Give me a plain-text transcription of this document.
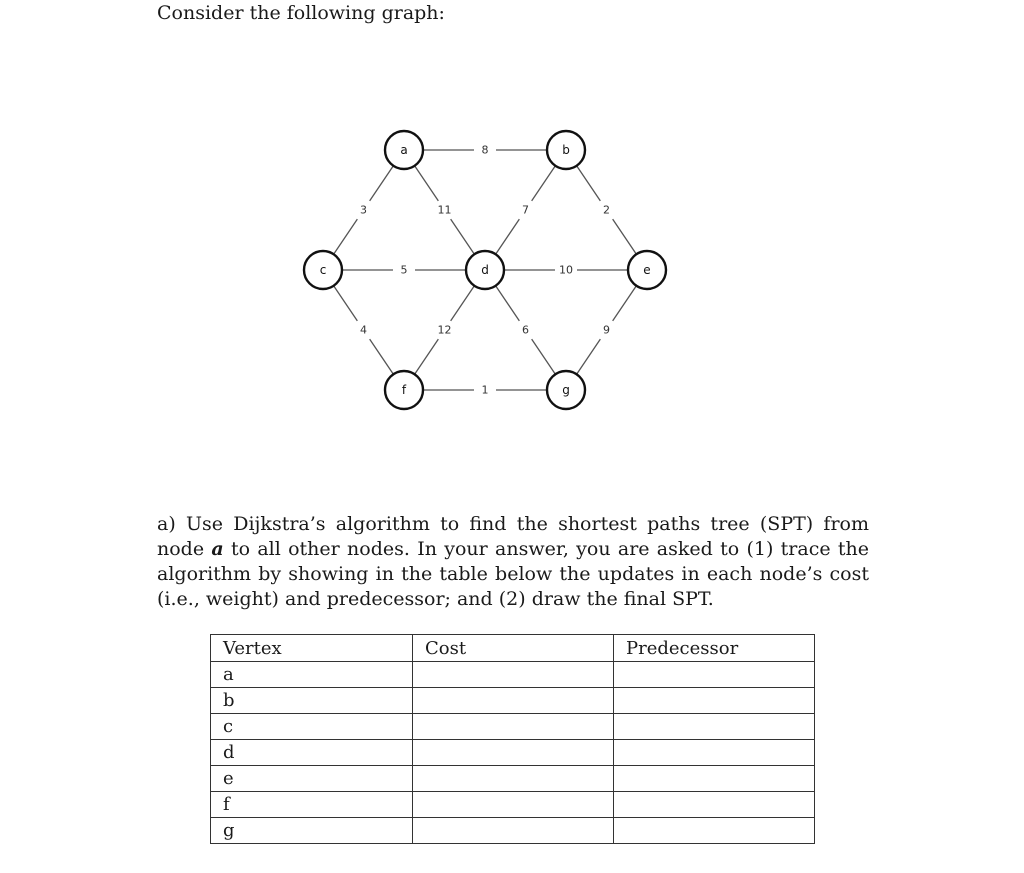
Consider the following graph:

8
3	11	7	2
5	10
4	12	6	9
1
a	b
c	d	e
f	g

a) Use Dijkstra’s algorithm to find the shortest paths tree (SPT) from node a to all other nodes. In your answer, you are asked to (1) trace the algorithm by showing in the table below the updates in each node’s cost (i.e., weight) and predecessor; and (2) draw the final SPT.

Vertex	Cost	Predecessor
a		
b		
c		
d		
e		
f		
g		
